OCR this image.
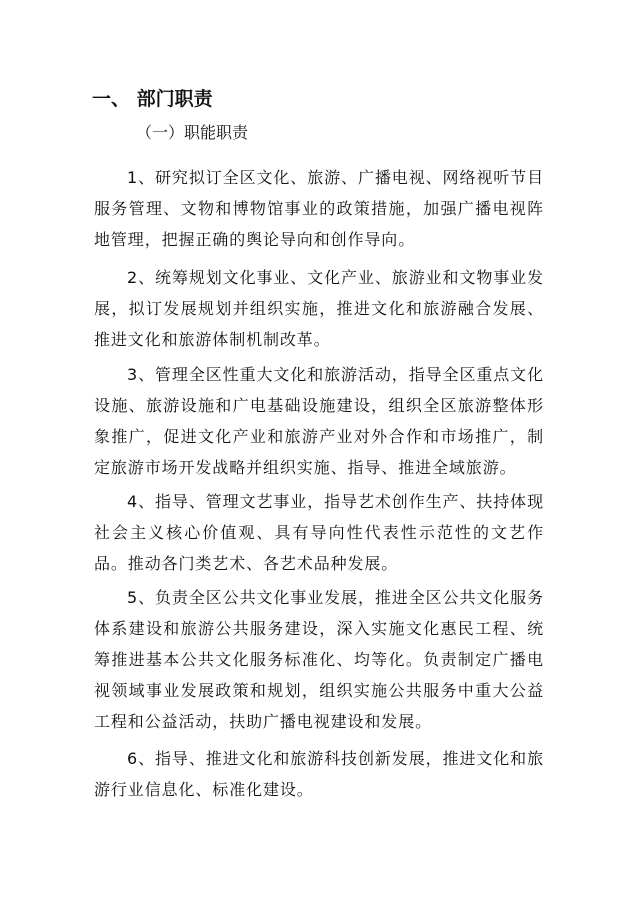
一、 部门职责
（一）职能职责

1、研究拟订全区文化、旅游、广播电视、网络视听节目服务管理、文物和博物馆事业的政策措施，加强广播电视阵地管理，把握正确的舆论导向和创作导向。

2、统筹规划文化事业、文化产业、旅游业和文物事业发展，拟订发展规划并组织实施，推进文化和旅游融合发展、推进文化和旅游体制机制改革。

3、管理全区性重大文化和旅游活动，指导全区重点文化设施、旅游设施和广电基础设施建设，组织全区旅游整体形象推广，促进文化产业和旅游产业对外合作和市场推广，制定旅游市场开发战略并组织实施、指导、推进全域旅游。

4、指导、管理文艺事业，指导艺术创作生产、扶持体现社会主义核心价值观、具有导向性代表性示范性的文艺作品。推动各门类艺术、各艺术品种发展。

5、负责全区公共文化事业发展，推进全区公共文化服务体系建设和旅游公共服务建设，深入实施文化惠民工程、统筹推进基本公共文化服务标准化、均等化。负责制定广播电视领域事业发展政策和规划，组织实施公共服务中重大公益工程和公益活动，扶助广播电视建设和发展。

6、指导、推进文化和旅游科技创新发展，推进文化和旅游行业信息化、标准化建设。
